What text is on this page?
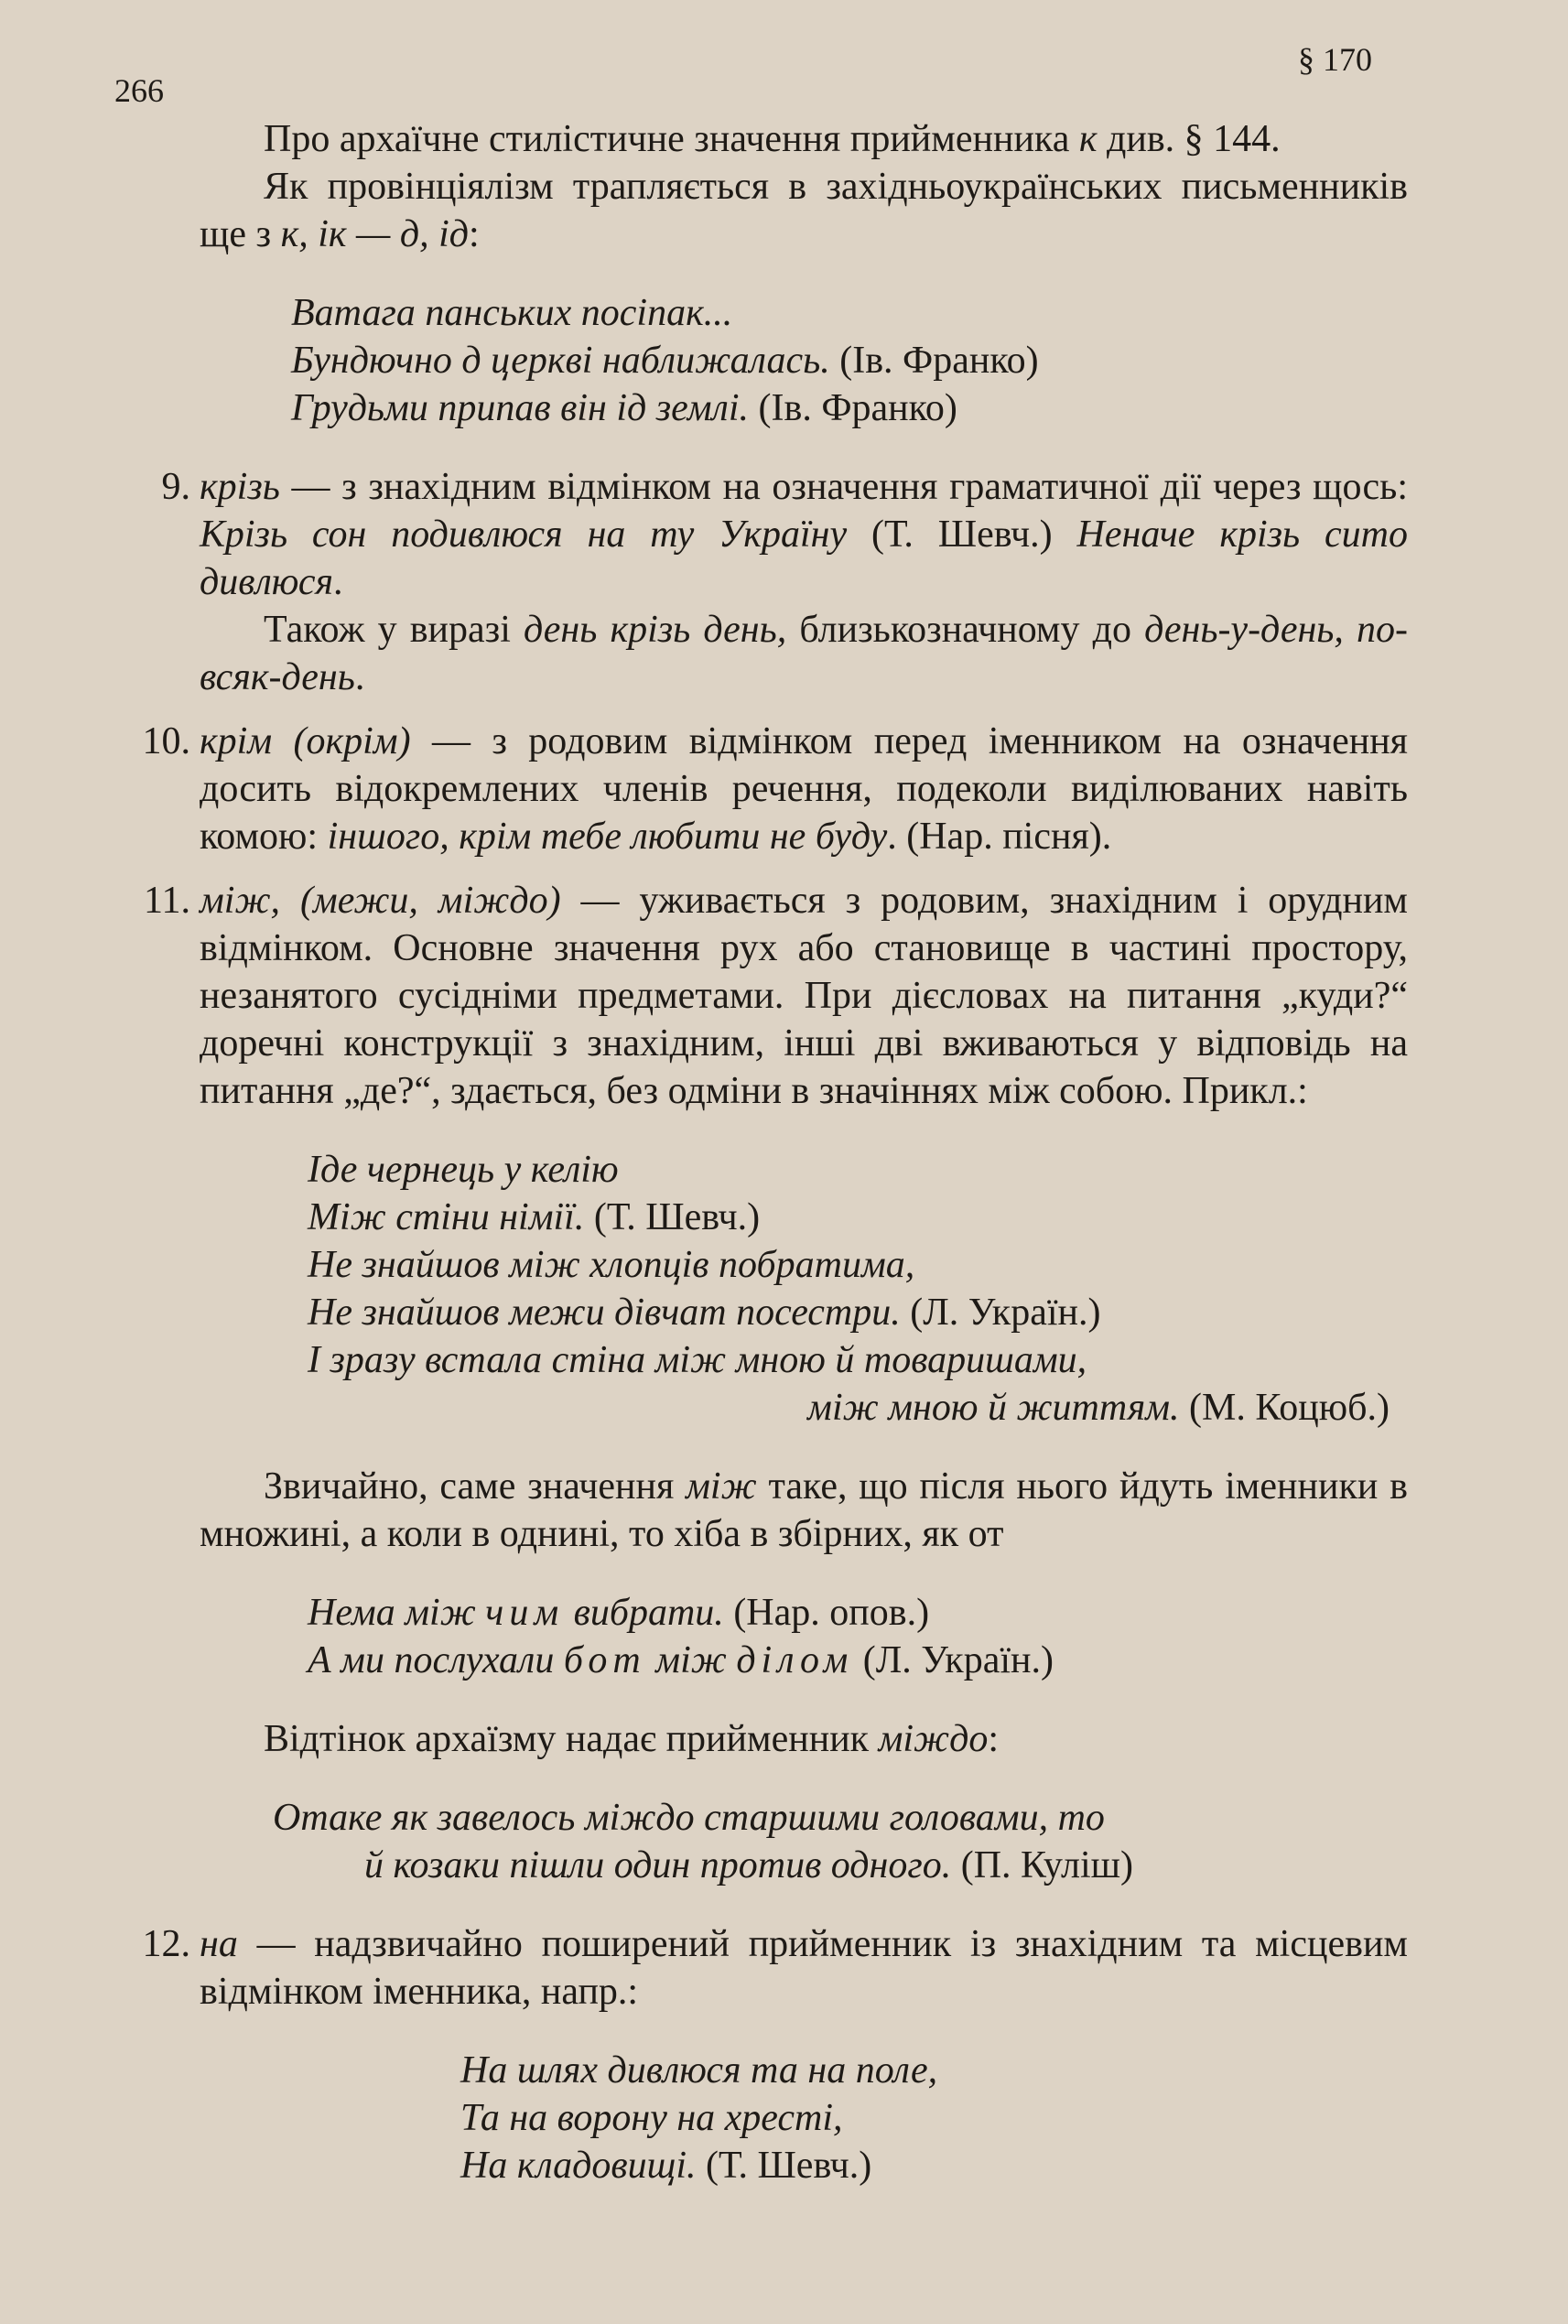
266
§ 170

Про архаїчне стилістичне значення прийменника к див. § 144.

Як провінціялізм трапляється в західньоукраїнських письменників ще з к, ік — д, ід:

Ватага панських посіпак...
Бундючно д церкві наближалась. (Ів. Франко)
Грудьми припав він ід землі. (Ів. Франко)
9. крізь — з знахідним відмінком на означення граматичної дії через щось: Крізь сон подивлюся на ту Україну (Т. Шевч.) Неначе крізь сито дивлюся.

Також у виразі день крізь день, близькозначному до день-у-день, по-всяк-день.

10. крім (окрім) — з родовим відмінком перед іменником на означення досить відокремлених членів речення, подеколи виділюваних навіть комою: іншого, крім тебе любити не буду. (Нар. пісня).

11. між, (межи, міждо) — уживається з родовим, знахідним і орудним відмінком. Основне значення рух або становище в частині простору, незанятого сусідніми предметами. При дієсловах на питання „куди?“ доречні конструкції з знахідним, інші дві вживаються у відповідь на питання „де?“, здається, без одміни в значіннях між собою. Прикл.:

Іде чернець у келію
Між стіни німії. (Т. Шевч.)
Не знайшов між хлопців побратима,
Не знайшов межи дівчат посестри. (Л. Україн.)
І зразу встала стіна між мною й товаришами,
між мною й життям. (М. Коцюб.)

Звичайно, саме значення між таке, що після нього йдуть іменники в множині, а коли в однині, то хіба в збірних, як от

Нема між чим вибрати. (Нар. опов.)
А ми послухали бот між ділом (Л. Україн.)

Відтінок архаїзму надає прийменник міждо:

Отаке як завелось міждо старшими головами, то
й козаки пішли один против одного. (П. Куліш)
12. на — надзвичайно поширений прийменник із знахідним та місцевим відмінком іменника, напр.:

На шлях дивлюся та на поле,
Та на ворону на хресті,
На кладовищі. (Т. Шевч.)
